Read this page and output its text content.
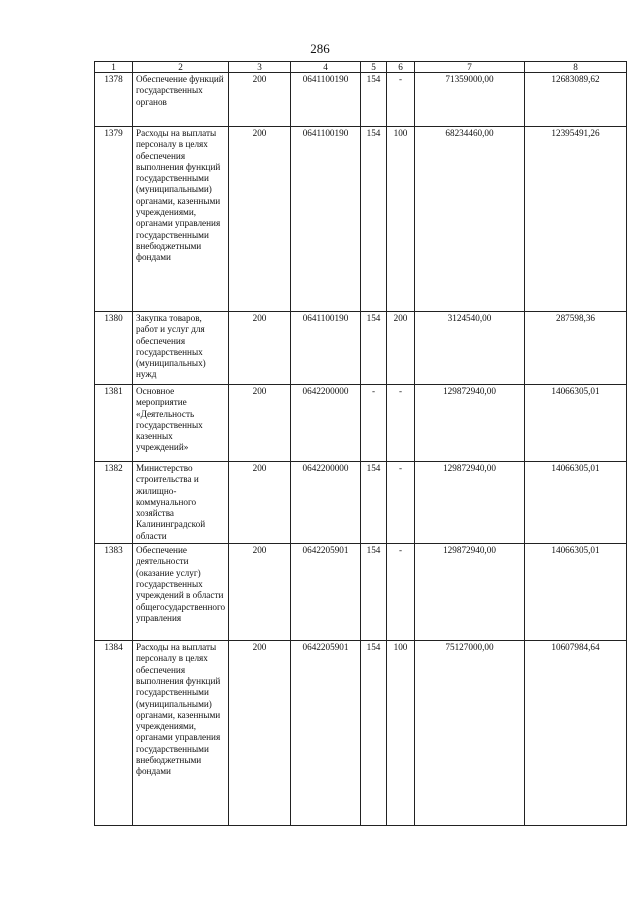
286
1	2	3	4	5	6	7	8
1378	Обеспечение функций государственных органов	200	0641100190	154	-	71359000,00	12683089,62
1379	Расходы на выплаты персоналу в целях обеспечения выполнения функций государственными (муниципальными) органами, казенными учреждениями, органами управления государственными внебюджетными фондами	200	0641100190	154	100	68234460,00	12395491,26
1380	Закупка товаров, работ и услуг для обеспечения государственных (муниципальных) нужд	200	0641100190	154	200	3124540,00	287598,36
1381	Основное мероприятие «Деятельность государственных казенных учреждений»	200	0642200000	-	-	129872940,00	14066305,01
1382	Министерство строительства и жилищно-коммунального хозяйства Калининградской области	200	0642200000	154	-	129872940,00	14066305,01
1383	Обеспечение деятельности (оказание услуг) государственных учреждений в области общегосударственного управления	200	0642205901	154	-	129872940,00	14066305,01
1384	Расходы на выплаты персоналу в целях обеспечения выполнения функций государственными (муниципальными) органами, казенными учреждениями, органами управления государственными внебюджетными фондами	200	0642205901	154	100	75127000,00	10607984,64
